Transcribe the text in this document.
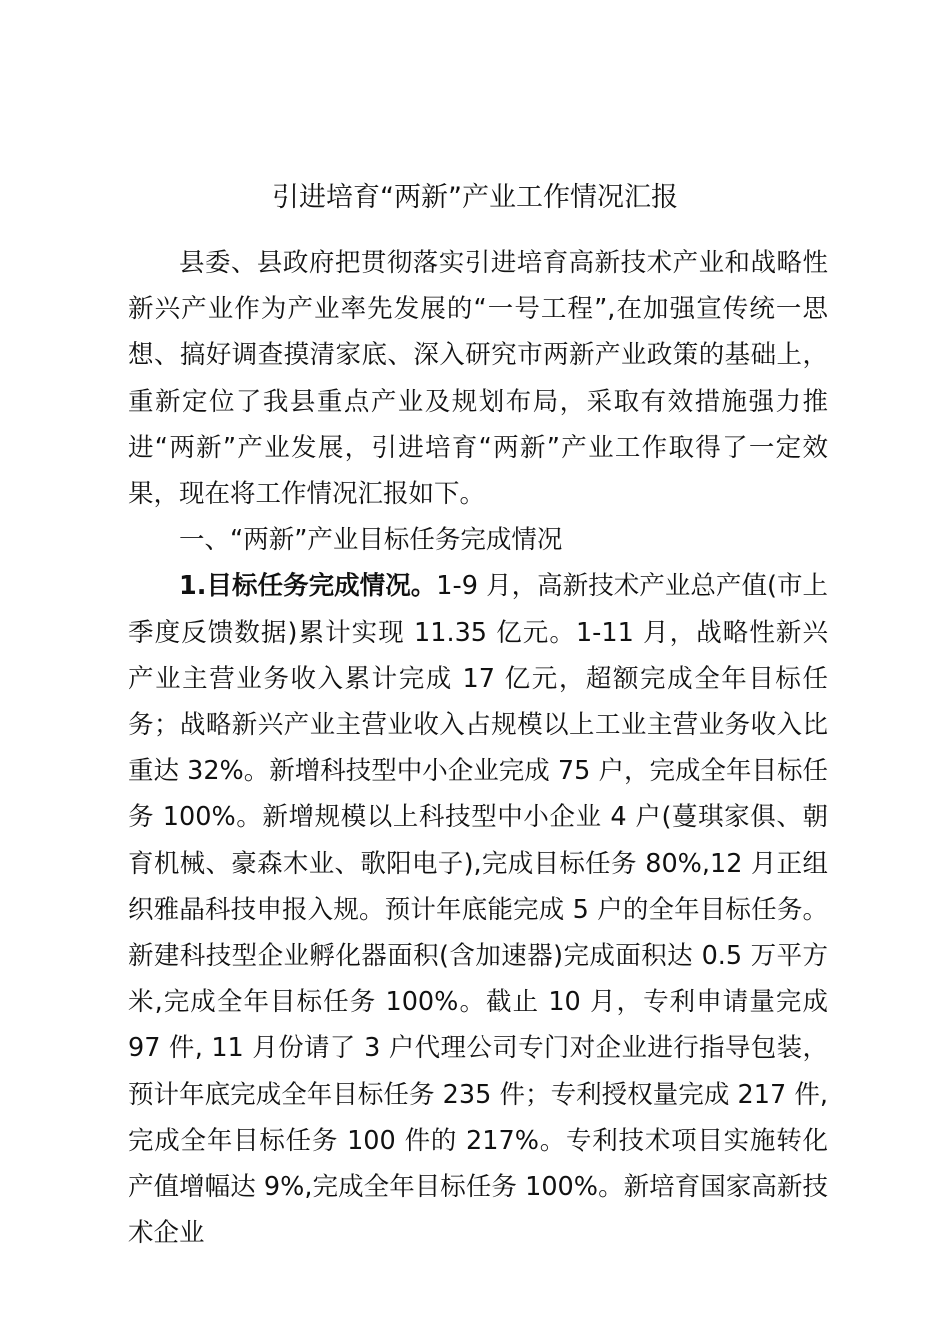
引进培育“两新”产业工作情况汇报

县委、县政府把贯彻落实引进培育高新技术产业和战略性新兴产业作为产业率先发展的“一号工程”,在加强宣传统一思想、搞好调查摸清家底、深入研究市两新产业政策的基础上，重新定位了我县重点产业及规划布局，采取有效措施强力推进“两新”产业发展，引进培育“两新”产业工作取得了一定效果，现在将工作情况汇报如下。

一、“两新”产业目标任务完成情况

1.目标任务完成情况。1-9 月，高新技术产业总产值(市上季度反馈数据)累计实现 11.35 亿元。1-11 月，战略性新兴产业主营业务收入累计完成 17 亿元，超额完成全年目标任务；战略新兴产业主营业收入占规模以上工业主营业务收入比重达 32%。新增科技型中小企业完成 75 户，完成全年目标任务 100%。新增规模以上科技型中小企业 4 户(蔓琪家俱、朝育机械、豪森木业、歌阳电子),完成目标任务 80%,12 月正组织雅晶科技申报入规。预计年底能完成 5 户的全年目标任务。新建科技型企业孵化器面积(含加速器)完成面积达 0.5 万平方米,完成全年目标任务 100%。截止 10 月，专利申请量完成 97 件, 11 月份请了 3 户代理公司专门对企业进行指导包装，预计年底完成全年目标任务 235 件；专利授权量完成 217 件, 完成全年目标任务 100 件的 217%。专利技术项目实施转化产值增幅达 9%,完成全年目标任务 100%。新培育国家高新技术企业
